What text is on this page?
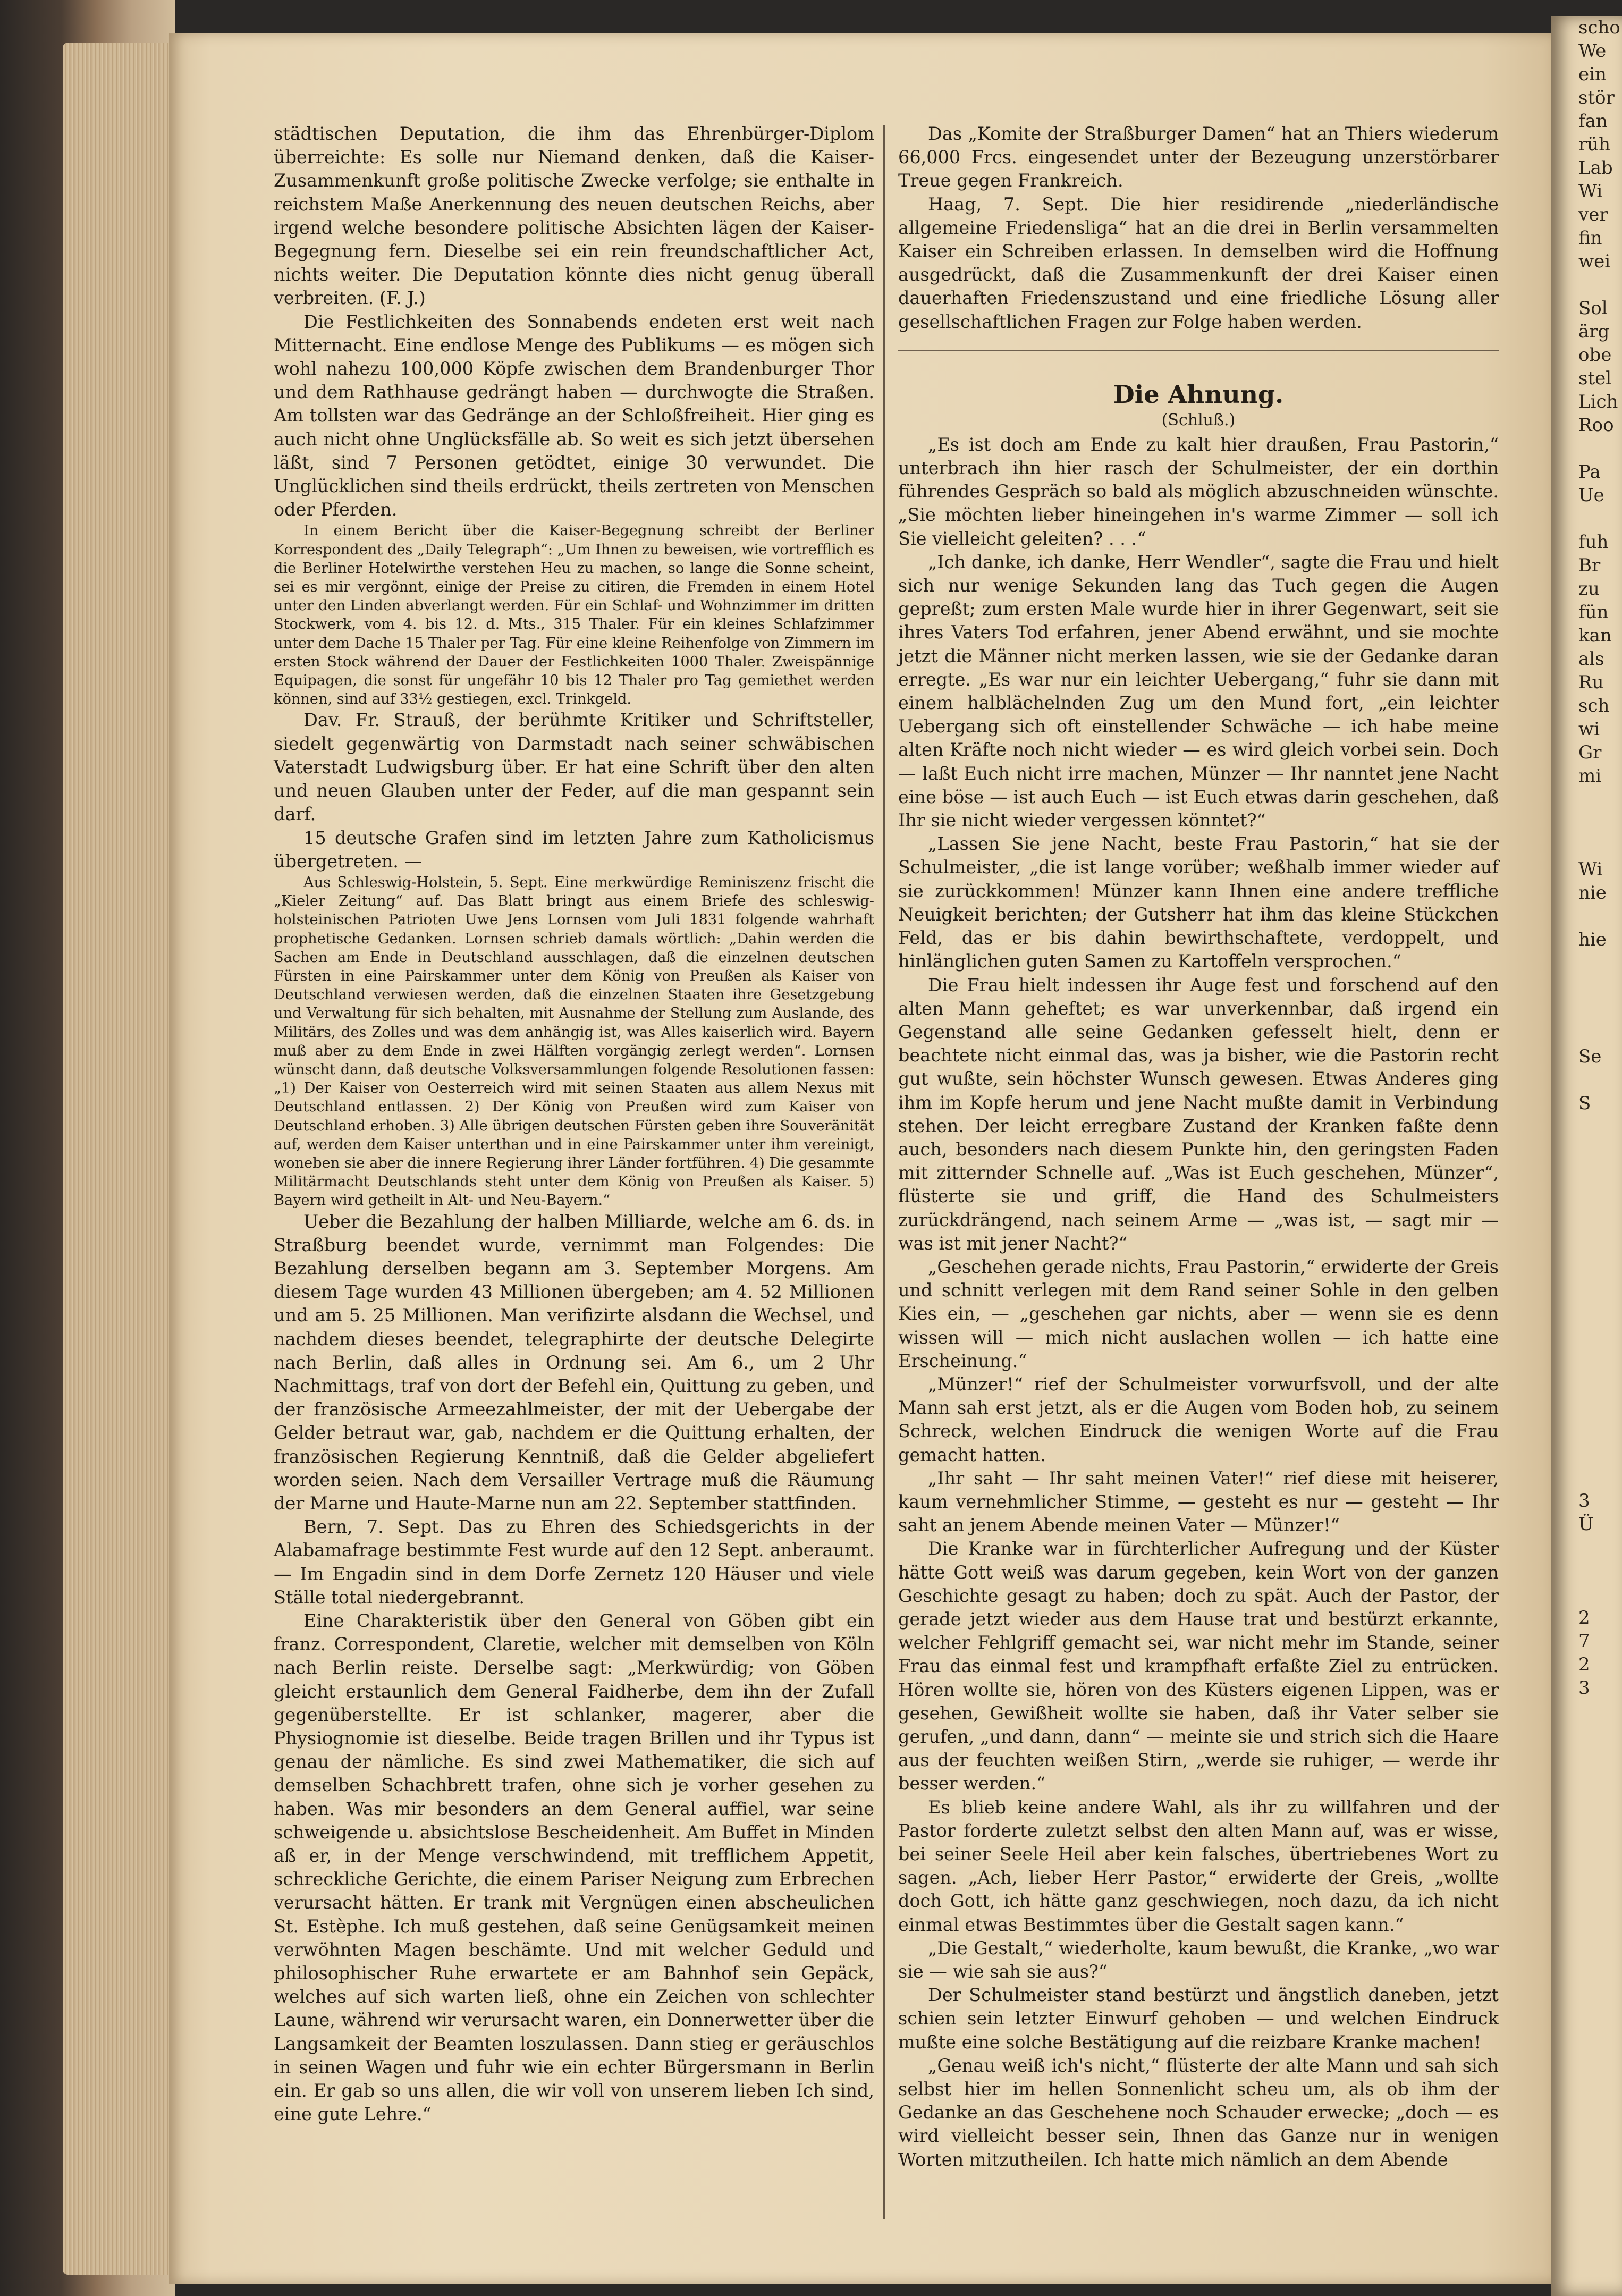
städtischen Deputation, die ihm das Ehrenbürger-Diplom überreichte: Es solle nur Niemand denken, daß die Kaiser-Zusammenkunft große politische Zwecke verfolge; sie enthalte in reichstem Maße Anerkennung des neuen deutschen Reichs, aber irgend welche besondere politische Absichten lägen der Kaiser-Begegnung fern. Dieselbe sei ein rein freundschaftlicher Act, nichts weiter. Die Deputation könnte dies nicht genug überall verbreiten. (F. J.)

Die Festlichkeiten des Sonnabends endeten erst weit nach Mitternacht. Eine endlose Menge des Publikums — es mögen sich wohl nahezu 100,000 Köpfe zwischen dem Brandenburger Thor und dem Rathhause gedrängt haben — durchwogte die Straßen. Am tollsten war das Gedränge an der Schloßfreiheit. Hier ging es auch nicht ohne Unglücksfälle ab. So weit es sich jetzt übersehen läßt, sind 7 Personen getödtet, einige 30 verwundet. Die Unglücklichen sind theils erdrückt, theils zertreten von Menschen oder Pferden.

In einem Bericht über die Kaiser-Begegnung schreibt der Berliner Korrespondent des „Daily Telegraph“: „Um Ihnen zu beweisen, wie vortrefflich es die Berliner Hotelwirthe verstehen Heu zu machen, so lange die Sonne scheint, sei es mir vergönnt, einige der Preise zu citiren, die Fremden in einem Hotel unter den Linden abverlangt werden. Für ein Schlaf- und Wohnzimmer im dritten Stockwerk, vom 4. bis 12. d. Mts., 315 Thaler. Für ein kleines Schlafzimmer unter dem Dache 15 Thaler per Tag. Für eine kleine Reihenfolge von Zimmern im ersten Stock während der Dauer der Festlichkeiten 1000 Thaler. Zweispännige Equipagen, die sonst für ungefähr 10 bis 12 Thaler pro Tag gemiethet werden können, sind auf 33½ gestiegen, excl. Trinkgeld.

Dav. Fr. Strauß, der berühmte Kritiker und Schriftsteller, siedelt gegenwärtig von Darmstadt nach seiner schwäbischen Vaterstadt Ludwigsburg über. Er hat eine Schrift über den alten und neuen Glauben unter der Feder, auf die man gespannt sein darf.

15 deutsche Grafen sind im letzten Jahre zum Katholicismus übergetreten. —

Aus Schleswig-Holstein, 5. Sept. Eine merkwürdige Reminiszenz frischt die „Kieler Zeitung“ auf. Das Blatt bringt aus einem Briefe des schleswig-holsteinischen Patrioten Uwe Jens Lornsen vom Juli 1831 folgende wahrhaft prophetische Gedanken. Lornsen schrieb damals wörtlich: „Dahin werden die Sachen am Ende in Deutschland ausschlagen, daß die einzelnen deutschen Fürsten in eine Pairskammer unter dem König von Preußen als Kaiser von Deutschland verwiesen werden, daß die einzelnen Staaten ihre Gesetzgebung und Verwaltung für sich behalten, mit Ausnahme der Stellung zum Auslande, des Militärs, des Zolles und was dem anhängig ist, was Alles kaiserlich wird. Bayern muß aber zu dem Ende in zwei Hälften vorgängig zerlegt werden“. Lornsen wünscht dann, daß deutsche Volksversammlungen folgende Resolutionen fassen: „1) Der Kaiser von Oesterreich wird mit seinen Staaten aus allem Nexus mit Deutschland entlassen. 2) Der König von Preußen wird zum Kaiser von Deutschland erhoben. 3) Alle übrigen deutschen Fürsten geben ihre Souveränität auf, werden dem Kaiser unterthan und in eine Pairskammer unter ihm vereinigt, woneben sie aber die innere Regierung ihrer Länder fortführen. 4) Die gesammte Militärmacht Deutschlands steht unter dem König von Preußen als Kaiser. 5) Bayern wird getheilt in Alt- und Neu-Bayern.“

Ueber die Bezahlung der halben Milliarde, welche am 6. ds. in Straßburg beendet wurde, vernimmt man Folgendes: Die Bezahlung derselben begann am 3. September Morgens. Am diesem Tage wurden 43 Millionen übergeben; am 4. 52 Millionen und am 5. 25 Millionen. Man verifizirte alsdann die Wechsel, und nachdem dieses beendet, telegraphirte der deutsche Delegirte nach Berlin, daß alles in Ordnung sei. Am 6., um 2 Uhr Nachmittags, traf von dort der Befehl ein, Quittung zu geben, und der französische Armeezahlmeister, der mit der Uebergabe der Gelder betraut war, gab, nachdem er die Quittung erhalten, der französischen Regierung Kenntniß, daß die Gelder abgeliefert worden seien. Nach dem Versailler Vertrage muß die Räumung der Marne und Haute-Marne nun am 22. September stattfinden.

Bern, 7. Sept. Das zu Ehren des Schiedsgerichts in der Alabamafrage bestimmte Fest wurde auf den 12 Sept. anberaumt. — Im Engadin sind in dem Dorfe Zernetz 120 Häuser und viele Ställe total niedergebrannt.

Eine Charakteristik über den General von Göben gibt ein franz. Correspondent, Claretie, welcher mit demselben von Köln nach Berlin reiste. Derselbe sagt: „Merkwürdig; von Göben gleicht erstaunlich dem General Faidherbe, dem ihn der Zufall gegenüberstellte. Er ist schlanker, magerer, aber die Physiognomie ist dieselbe. Beide tragen Brillen und ihr Typus ist genau der nämliche. Es sind zwei Mathematiker, die sich auf demselben Schachbrett trafen, ohne sich je vorher gesehen zu haben. Was mir besonders an dem General auffiel, war seine schweigende u. absichtslose Bescheidenheit. Am Buffet in Minden aß er, in der Menge verschwindend, mit trefflichem Appetit, schreckliche Gerichte, die einem Pariser Neigung zum Erbrechen verursacht hätten. Er trank mit Vergnügen einen abscheulichen St. Estèphe. Ich muß gestehen, daß seine Genügsamkeit meinen verwöhnten Magen beschämte. Und mit welcher Geduld und philosophischer Ruhe erwartete er am Bahnhof sein Gepäck, welches auf sich warten ließ, ohne ein Zeichen von schlechter Laune, während wir verursacht waren, ein Donnerwetter über die Langsamkeit der Beamten loszulassen. Dann stieg er geräuschlos in seinen Wagen und fuhr wie ein echter Bürgersmann in Berlin ein. Er gab so uns allen, die wir voll von unserem lieben Ich sind, eine gute Lehre.“

Das „Komite der Straßburger Damen“ hat an Thiers wiederum 66,000 Frcs. eingesendet unter der Bezeugung unzerstörbarer Treue gegen Frankreich.

Haag, 7. Sept. Die hier residirende „niederländische allgemeine Friedensliga“ hat an die drei in Berlin versammelten Kaiser ein Schreiben erlassen. In demselben wird die Hoffnung ausgedrückt, daß die Zusammenkunft der drei Kaiser einen dauerhaften Friedenszustand und eine friedliche Lösung aller gesellschaftlichen Fragen zur Folge haben werden.

Die Ahnung.
(Schluß.)

„Es ist doch am Ende zu kalt hier draußen, Frau Pastorin,“ unterbrach ihn hier rasch der Schulmeister, der ein dorthin führendes Gespräch so bald als möglich abzuschneiden wünschte. „Sie möchten lieber hineingehen in's warme Zimmer — soll ich Sie vielleicht geleiten? . . .“

„Ich danke, ich danke, Herr Wendler“, sagte die Frau und hielt sich nur wenige Sekunden lang das Tuch gegen die Augen gepreßt; zum ersten Male wurde hier in ihrer Gegenwart, seit sie ihres Vaters Tod erfahren, jener Abend erwähnt, und sie mochte jetzt die Männer nicht merken lassen, wie sie der Gedanke daran erregte. „Es war nur ein leichter Uebergang,“ fuhr sie dann mit einem halblächelnden Zug um den Mund fort, „ein leichter Uebergang sich oft einstellender Schwäche — ich habe meine alten Kräfte noch nicht wieder — es wird gleich vorbei sein. Doch — laßt Euch nicht irre machen, Münzer — Ihr nanntet jene Nacht eine böse — ist auch Euch — ist Euch etwas darin geschehen, daß Ihr sie nicht wieder vergessen könntet?“

„Lassen Sie jene Nacht, beste Frau Pastorin,“ hat sie der Schulmeister, „die ist lange vorüber; weßhalb immer wieder auf sie zurückkommen! Münzer kann Ihnen eine andere treffliche Neuigkeit berichten; der Gutsherr hat ihm das kleine Stückchen Feld, das er bis dahin bewirthschaftete, verdoppelt, und hinlänglichen guten Samen zu Kartoffeln versprochen.“

Die Frau hielt indessen ihr Auge fest und forschend auf den alten Mann geheftet; es war unverkennbar, daß irgend ein Gegenstand alle seine Gedanken gefesselt hielt, denn er beachtete nicht einmal das, was ja bisher, wie die Pastorin recht gut wußte, sein höchster Wunsch gewesen. Etwas Anderes ging ihm im Kopfe herum und jene Nacht mußte damit in Verbindung stehen. Der leicht erregbare Zustand der Kranken faßte denn auch, besonders nach diesem Punkte hin, den geringsten Faden mit zitternder Schnelle auf. „Was ist Euch geschehen, Münzer“, flüsterte sie und griff, die Hand des Schulmeisters zurückdrängend, nach seinem Arme — „was ist, — sagt mir — was ist mit jener Nacht?“

„Geschehen gerade nichts, Frau Pastorin,“ erwiderte der Greis und schnitt verlegen mit dem Rand seiner Sohle in den gelben Kies ein, — „geschehen gar nichts, aber — wenn sie es denn wissen will — mich nicht auslachen wollen — ich hatte eine Erscheinung.“

„Münzer!“ rief der Schulmeister vorwurfsvoll, und der alte Mann sah erst jetzt, als er die Augen vom Boden hob, zu seinem Schreck, welchen Eindruck die wenigen Worte auf die Frau gemacht hatten.

„Ihr saht — Ihr saht meinen Vater!“ rief diese mit heiserer, kaum vernehmlicher Stimme, — gesteht es nur — gesteht — Ihr saht an jenem Abende meinen Vater — Münzer!“

Die Kranke war in fürchterlicher Aufregung und der Küster hätte Gott weiß was darum gegeben, kein Wort von der ganzen Geschichte gesagt zu haben; doch zu spät. Auch der Pastor, der gerade jetzt wieder aus dem Hause trat und bestürzt erkannte, welcher Fehlgriff gemacht sei, war nicht mehr im Stande, seiner Frau das einmal fest und krampfhaft erfaßte Ziel zu entrücken. Hören wollte sie, hören von des Küsters eigenen Lippen, was er gesehen, Gewißheit wollte sie haben, daß ihr Vater selber sie gerufen, „und dann, dann“ — meinte sie und strich sich die Haare aus der feuchten weißen Stirn, „werde sie ruhiger, — werde ihr besser werden.“

Es blieb keine andere Wahl, als ihr zu willfahren und der Pastor forderte zuletzt selbst den alten Mann auf, was er wisse, bei seiner Seele Heil aber kein falsches, übertriebenes Wort zu sagen. „Ach, lieber Herr Pastor,“ erwiderte der Greis, „wollte doch Gott, ich hätte ganz geschwiegen, noch dazu, da ich nicht einmal etwas Bestimmtes über die Gestalt sagen kann.“

„Die Gestalt,“ wiederholte, kaum bewußt, die Kranke, „wo war sie — wie sah sie aus?“

Der Schulmeister stand bestürzt und ängstlich daneben, jetzt schien sein letzter Einwurf gehoben — und welchen Eindruck mußte eine solche Bestätigung auf die reizbare Kranke machen!

„Genau weiß ich's nicht,“ flüsterte der alte Mann und sah sich selbst hier im hellen Sonnenlicht scheu um, als ob ihm der Gedanke an das Geschehene noch Schauder erwecke; „doch — es wird vielleicht besser sein, Ihnen das Ganze nur in wenigen Worten mitzutheilen. Ich hatte mich nämlich an dem Abende

scho
We
ein
stör
fan
rüh
Lab
Wi
ver
fin
wei

Sol
ärg
obe
stel
Lich
Roo

Pa
Ue

fuh
Br
zu
fün
kan
als
Ru
sch
wi
Gr
mi

Wi
nie

hie

Se

S

3
Ü

2
7
2
3
